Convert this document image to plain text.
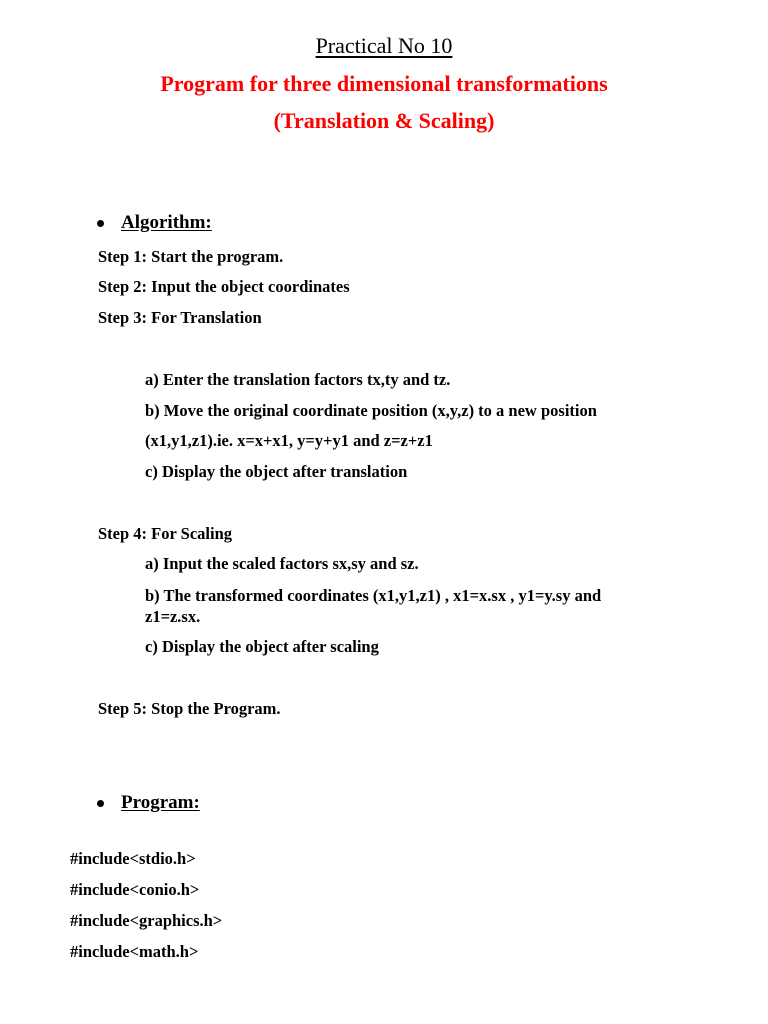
Practical No 10
Program for three dimensional transformations
(Translation & Scaling)
Algorithm:
Step 1: Start the program.
Step 2: Input the object coordinates
Step 3: For Translation
a) Enter the translation factors tx,ty and tz.
b) Move the original coordinate position (x,y,z) to a new position
(x1,y1,z1).ie. x=x+x1, y=y+y1 and z=z+z1
c) Display the object after translation
Step 4: For Scaling
a) Input the scaled factors sx,sy and sz.
b) The transformed coordinates (x1,y1,z1) , x1=x.sx , y1=y.sy and
z1=z.sx.
c) Display the object after scaling
Step 5: Stop the Program.
Program:
#include<stdio.h>
#include<conio.h>
#include<graphics.h>
#include<math.h>
